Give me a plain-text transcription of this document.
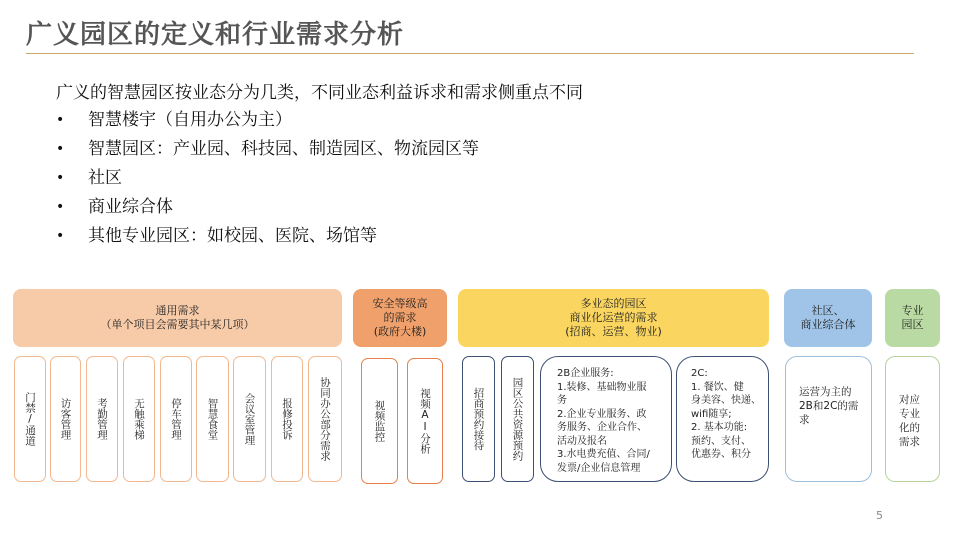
广义园区的定义和行业需求分析
广义的智慧园区按业态分为几类，不同业态利益诉求和需求侧重点不同
•	智慧楼宇（自用办公为主）
•	智慧园区：产业园、科技园、制造园区、物流园区等
•	社区
•	商业综合体
•	其他专业园区：如校园、医院、场馆等
通用需求
（单个项目会需要其中某几项）
安全等级高
的需求
(政府大楼)
多业态的园区
商业化运营的需求
(招商、运营、物业)
社区、
商业综合体
专业
园区
门禁/通道 访客管理 考勤管理 无触乘梯 停车管理 智慧食堂 会议室管理 报修投诉 协同办公部分需求	视频监控	视频AI分析	招商预约接待	园区公共资源预约
2B企业服务:
1.装修、基础物业服
务
2.企业专业服务、政
务服务、企业合作、
活动及报名
3.水电费充值、合同/
发票/企业信息管理
2C:
1. 餐饮、健
身美容、快递、
wifi随享;
2. 基本功能:
预约、支付、
优惠券、积分
运营为主的
2B和2C的需
求
对应
专业
化的
需求
5
